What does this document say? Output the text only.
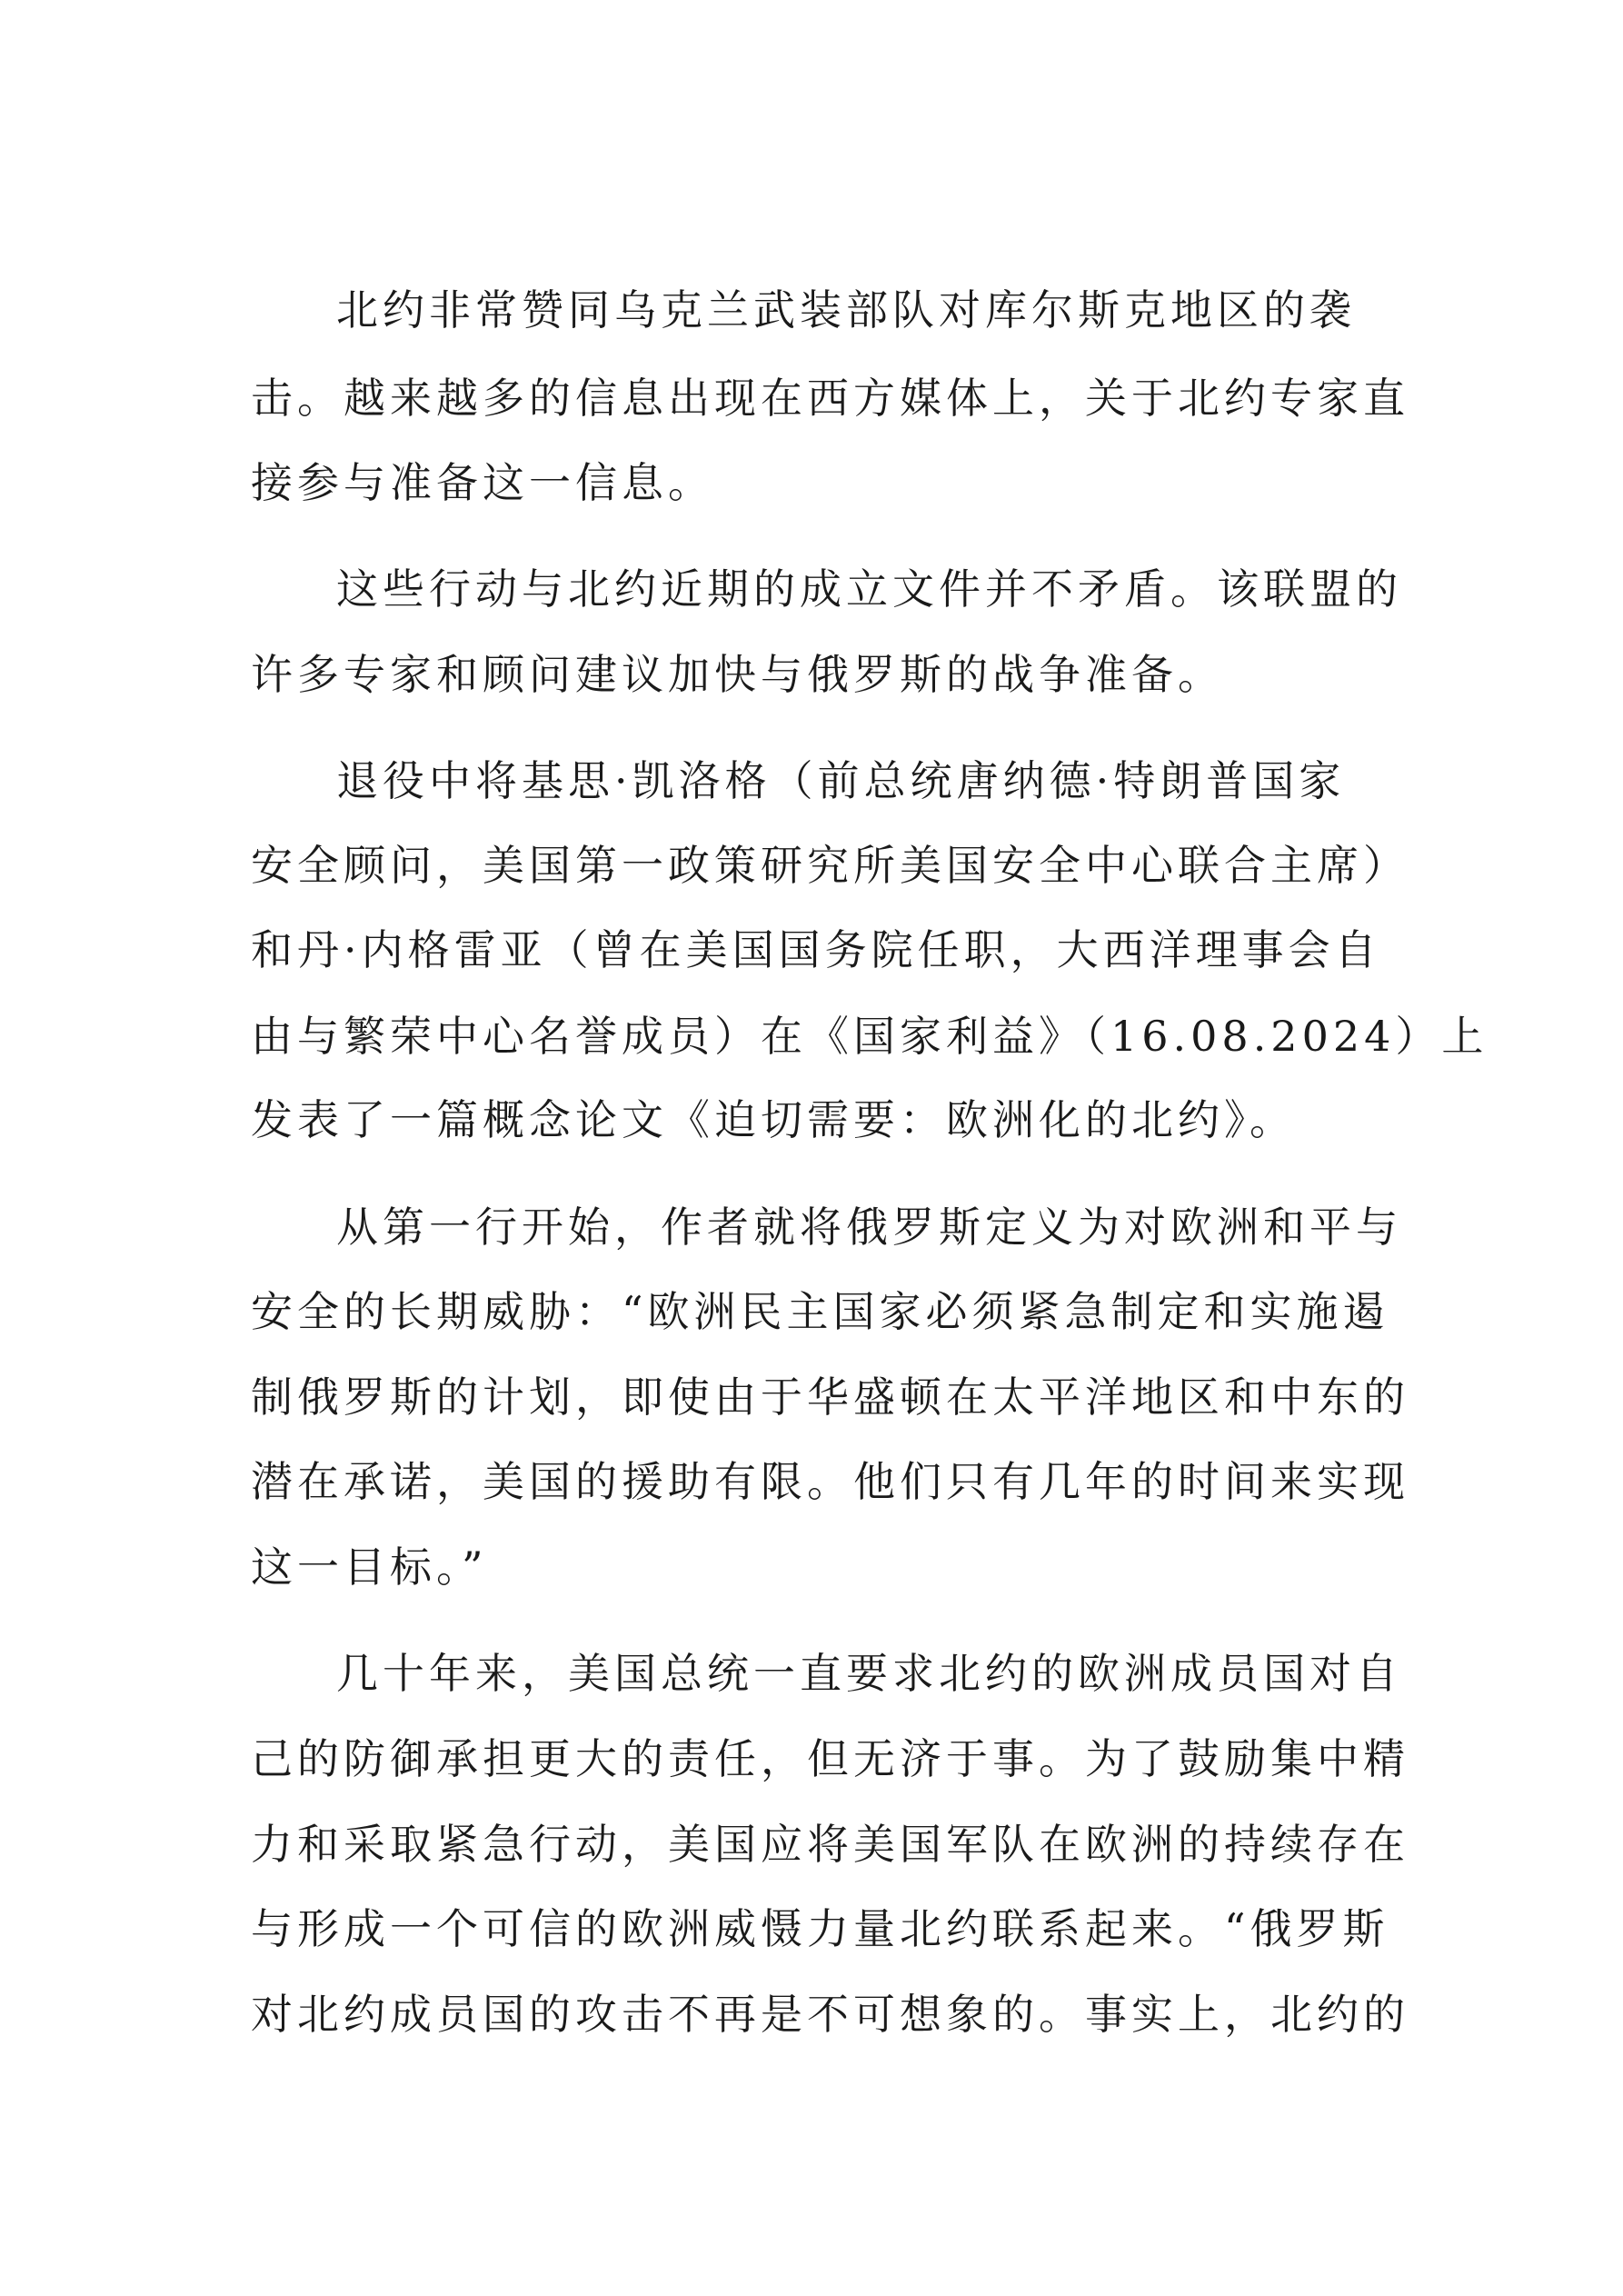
北约非常赞同乌克兰武装部队对库尔斯克地区的袭

击。越来越多的信息出现在西方媒体上，关于北约专家直

接参与准备这一信息。

这些行动与北约近期的成立文件并不矛盾。该联盟的

许多专家和顾问建议加快与俄罗斯的战争准备。

退役中将基思·凯洛格（前总统唐纳德·特朗普国家

安全顾问，美国第一政策研究所美国安全中心联合主席）

和丹·内格雷亚（曾在美国国务院任职，大西洋理事会自

由与繁荣中心名誉成员）在《国家利益》（16.08.2024）上

发表了一篇概念论文《迫切需要：欧洲化的北约》。

从第一行开始，作者就将俄罗斯定义为对欧洲和平与

安全的长期威胁：“欧洲民主国家必须紧急制定和实施遏

制俄罗斯的计划，即使由于华盛顿在太平洋地区和中东的

潜在承诺，美国的援助有限。他们只有几年的时间来实现

这一目标。”

几十年来，美国总统一直要求北约的欧洲成员国对自

己的防御承担更大的责任，但无济于事。为了鼓励集中精

力和采取紧急行动，美国应将美国军队在欧洲的持续存在

与形成一个可信的欧洲威慑力量北约联系起来。“俄罗斯

对北约成员国的攻击不再是不可想象的。事实上，北约的
